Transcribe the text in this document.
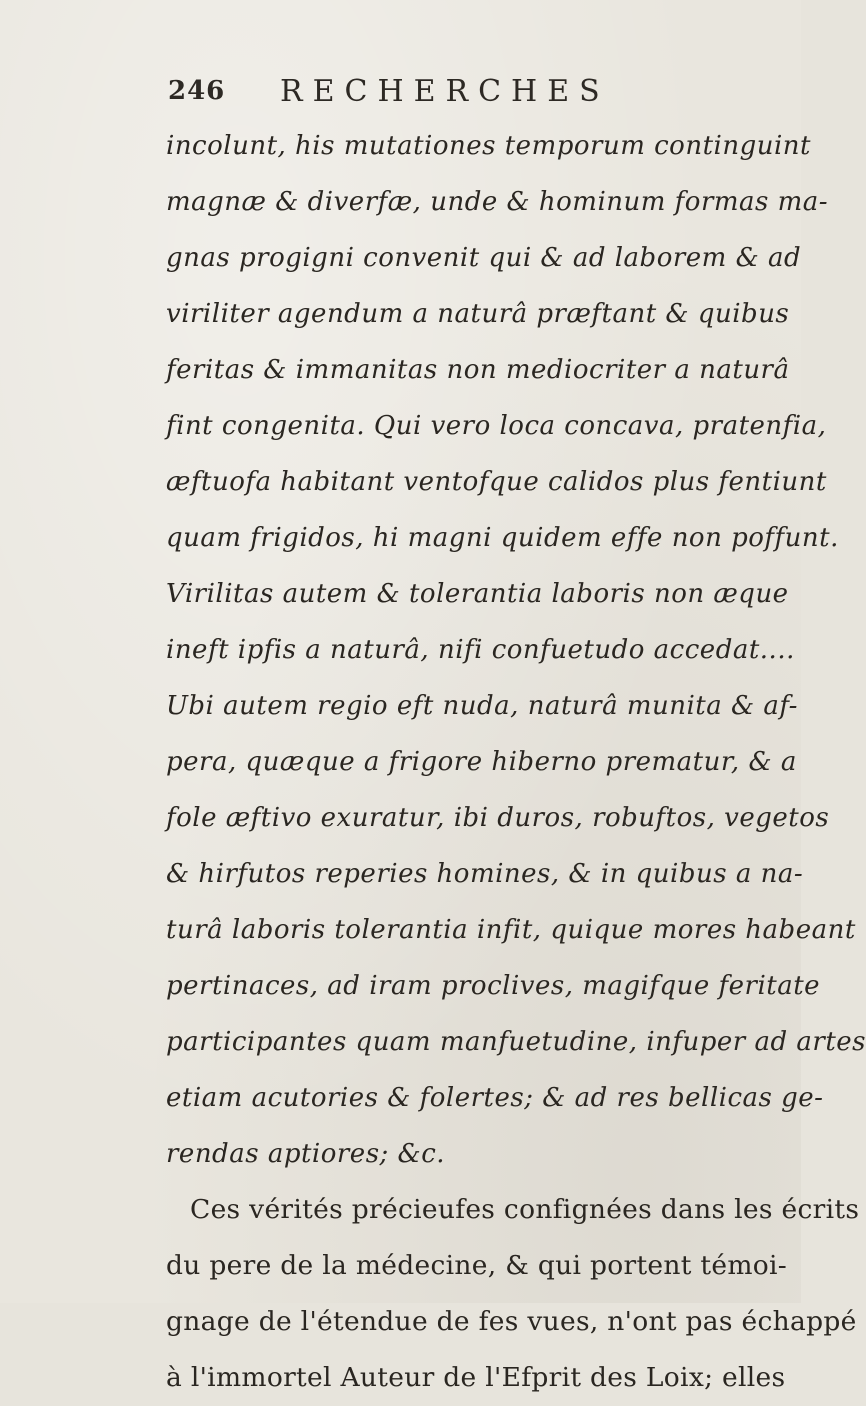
246 RECHERCHES
incolunt, his mutationes temporum continguint
magnæ & diverfæ, unde & hominum formas ma-
gnas progigni convenit qui & ad laborem & ad
viriliter agendum a naturâ præftant & quibus
feritas & immanitas non mediocriter a naturâ
fint congenita. Qui vero loca concava, pratenfia,
æftuofa habitant ventofque calidos plus fentiunt
quam frigidos, hi magni quidem effe non poffunt.
Virilitas autem & tolerantia laboris non æque
ineft ipfis a naturâ, nifi confuetudo accedat....
Ubi autem regio eft nuda, naturâ munita & af-
pera, quæque a frigore hiberno prematur, & a
fole æftivo exuratur, ibi duros, robuftos, vegetos
& hirfutos reperies homines, & in quibus a na-
turâ laboris tolerantia infit, quique mores habeant
pertinaces, ad iram proclives, magifque feritate
participantes quam manfuetudine, infuper ad artes
etiam acutories & folertes; & ad res bellicas ge-
rendas aptiores; &c.
Ces vérités précieufes confignées dans les écrits
du pere de la médecine, & qui portent témoi-
gnage de l'étendue de fes vues, n'ont pas échappé
à l'immortel Auteur de l'Efprit des Loix; elles
